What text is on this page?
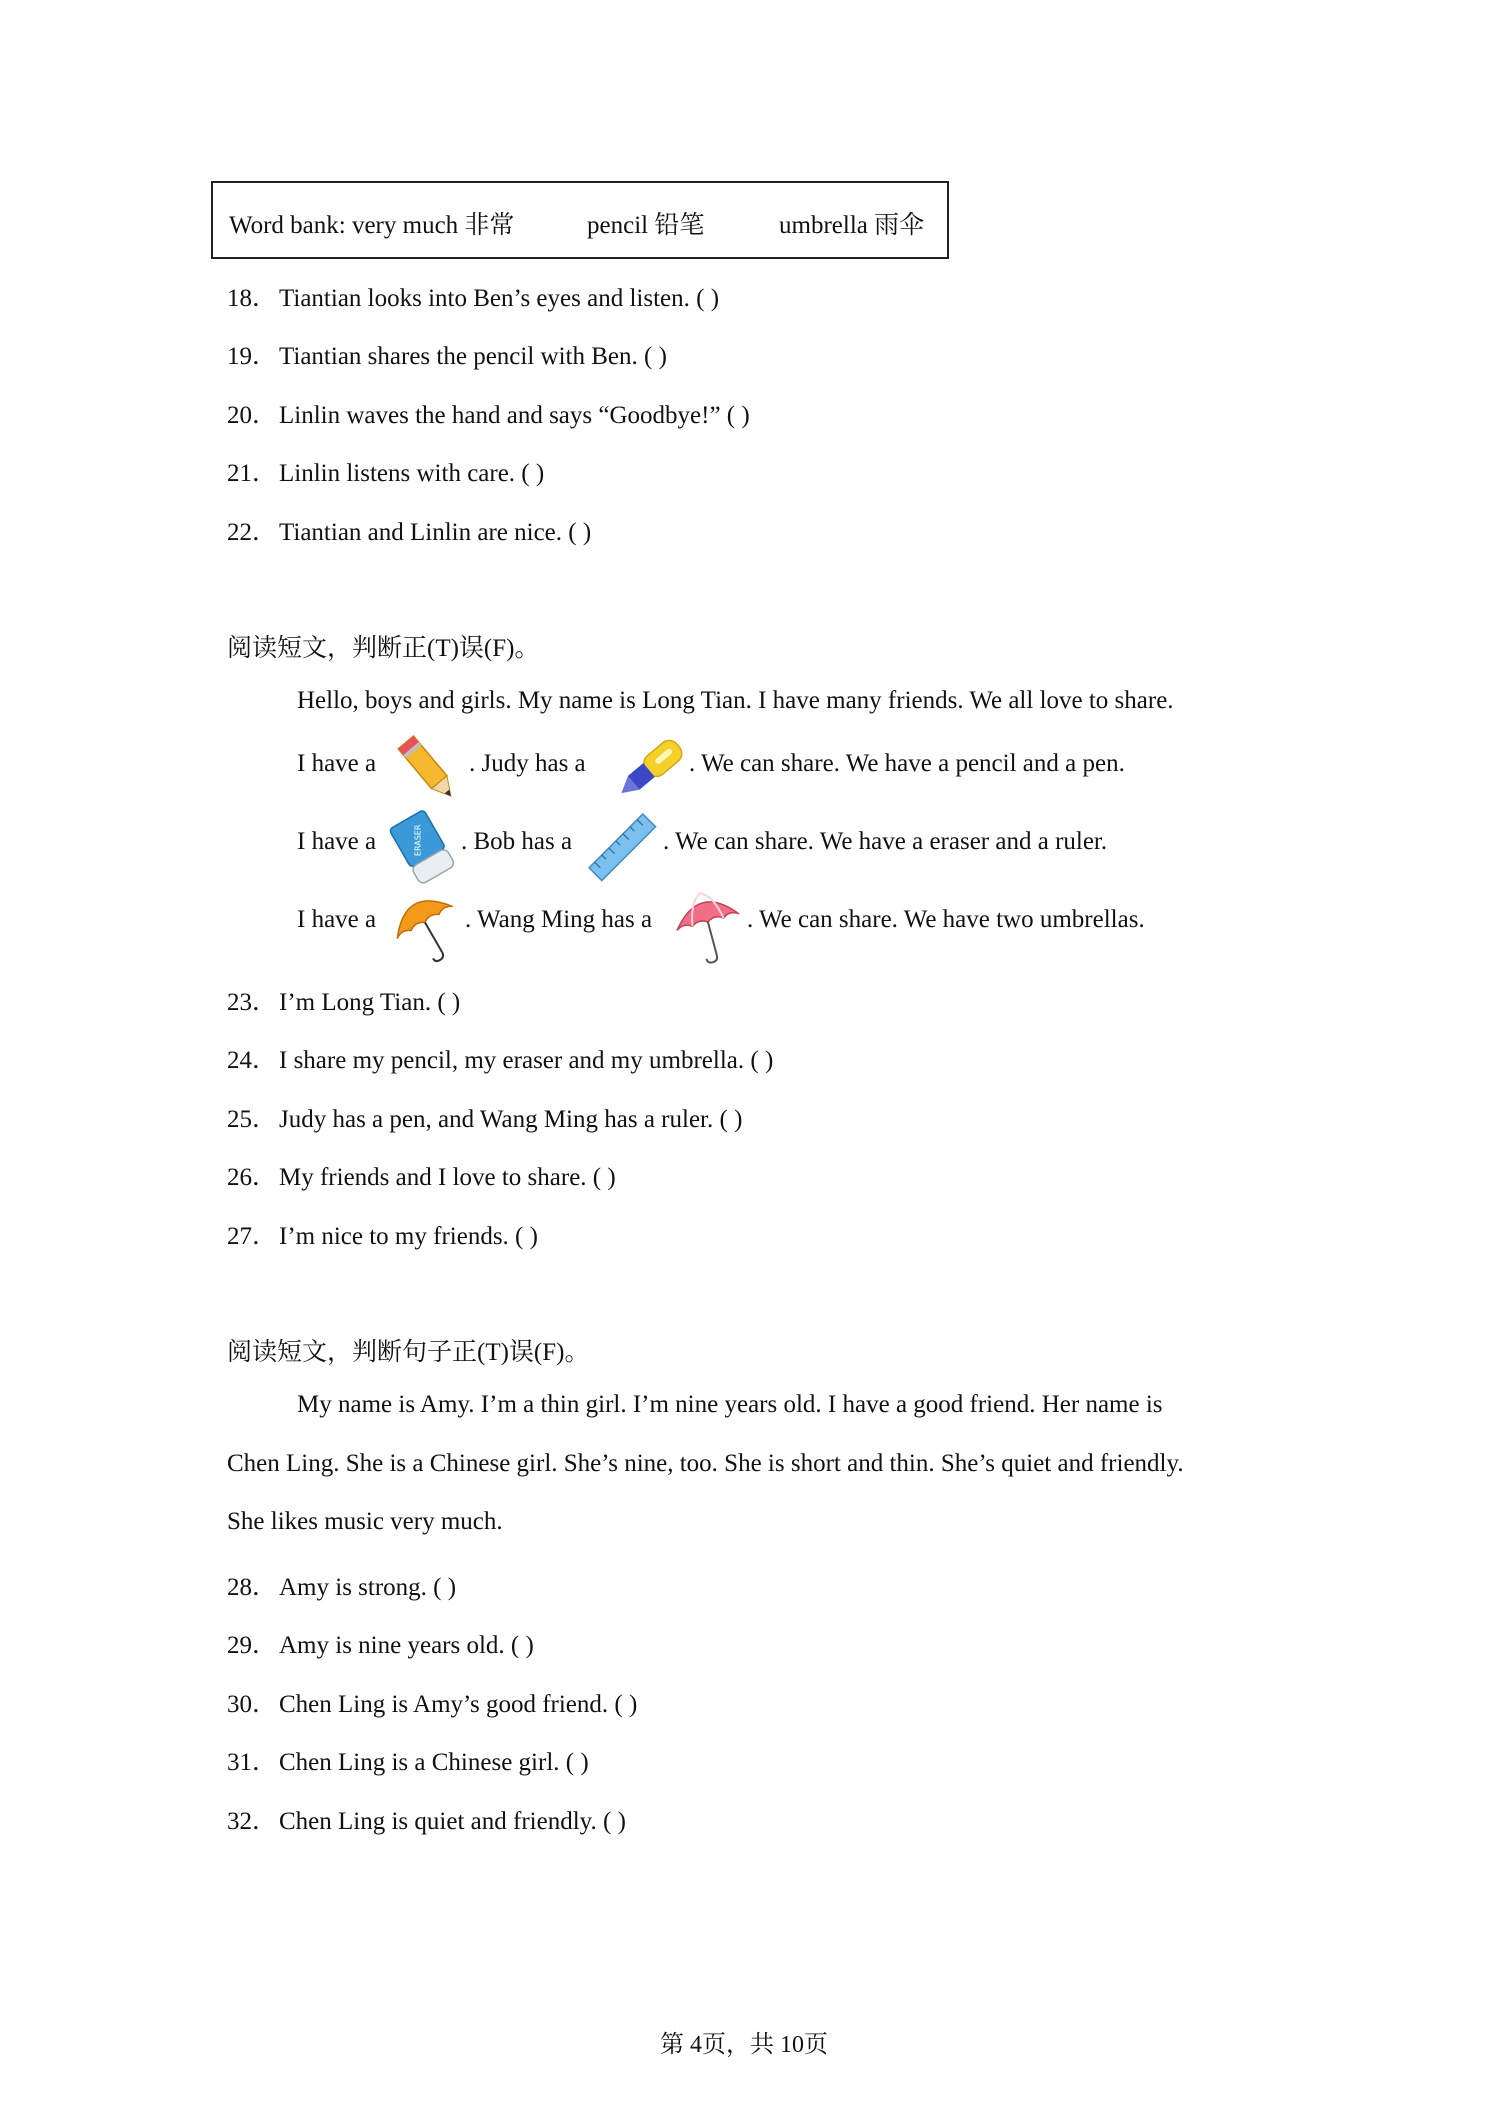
Word bank: very much 非常	pencil 铅笔	umbrella 雨伞
18．Tiantian looks into Ben’s eyes and listen. ( )
19．Tiantian shares the pencil with Ben. ( )
20．Linlin waves the hand and says “Goodbye!” ( )
21．Linlin listens with care. ( )
22．Tiantian and Linlin are nice. ( )
阅读短文，判断正(T)误(F)。
Hello, boys and girls. My name is Long Tian. I have many friends. We all love to share.
I have a	. Judy has a	. We can share. We have a pencil and a pen.
I have a	ERASER . Bob has a	. We can share. We have a eraser and a ruler.
I have a	. Wang Ming has a	. We can share. We have two umbrellas.
23．I’m Long Tian. ( )
24．I share my pencil, my eraser and my umbrella. ( )
25．Judy has a pen, and Wang Ming has a ruler. ( )
26．My friends and I love to share. ( )
27．I’m nice to my friends. ( )
阅读短文，判断句子正(T)误(F)。
My name is Amy. I’m a thin girl. I’m nine years old. I have a good friend. Her name is
Chen Ling. She is a Chinese girl. She’s nine, too. She is short and thin. She’s quiet and friendly.
She likes music very much.
28．Amy is strong. ( )
29．Amy is nine years old. ( )
30．Chen Ling is Amy’s good friend. ( )
31．Chen Ling is a Chinese girl. ( )
32．Chen Ling is quiet and friendly. ( )
第 4页，共 10页
